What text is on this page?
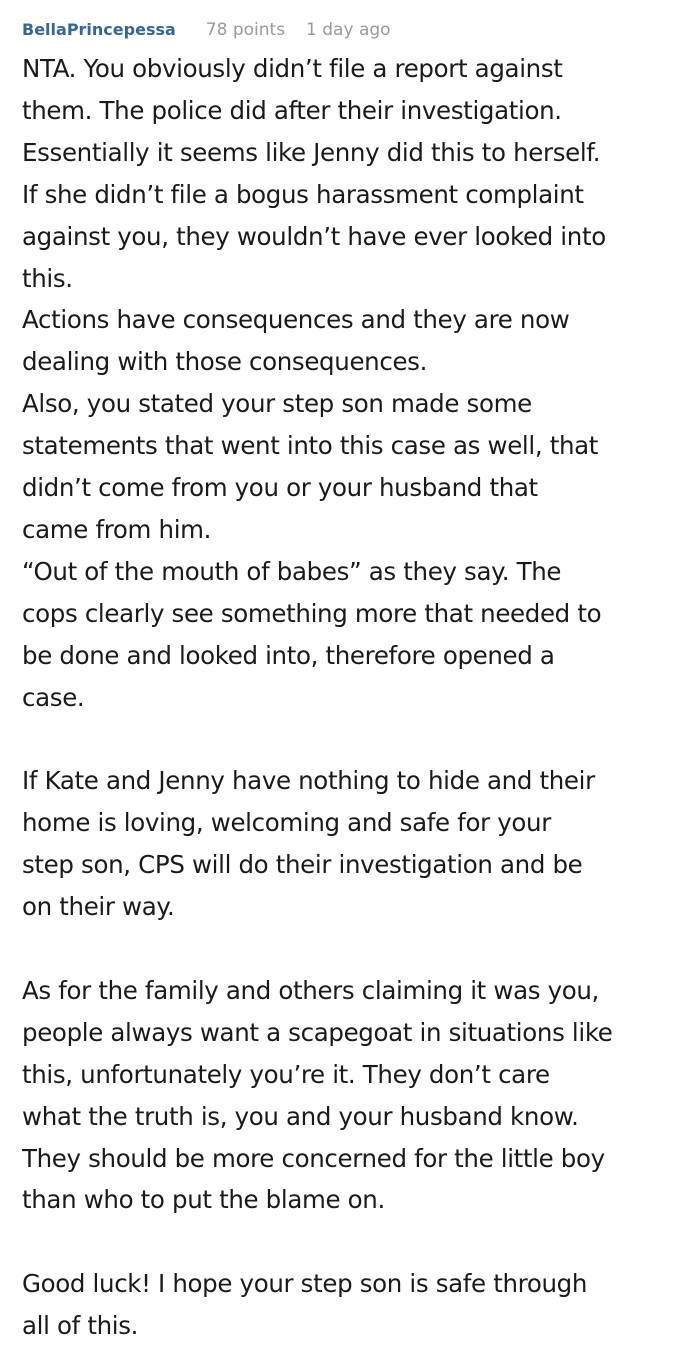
BellaPrincepessa 78 points 1 day ago
NTA. You obviously didn’t file a report against
them. The police did after their investigation.
Essentially it seems like Jenny did this to herself.
If she didn’t file a bogus harassment complaint
against you, they wouldn’t have ever looked into
this.
Actions have consequences and they are now
dealing with those consequences.
Also, you stated your step son made some
statements that went into this case as well, that
didn’t come from you or your husband that
came from him.
“Out of the mouth of babes” as they say. The
cops clearly see something more that needed to
be done and looked into, therefore opened a
case.
If Kate and Jenny have nothing to hide and their
home is loving, welcoming and safe for your
step son, CPS will do their investigation and be
on their way.
As for the family and others claiming it was you,
people always want a scapegoat in situations like
this, unfortunately you’re it. They don’t care
what the truth is, you and your husband know.
They should be more concerned for the little boy
than who to put the blame on.
Good luck! I hope your step son is safe through
all of this.
